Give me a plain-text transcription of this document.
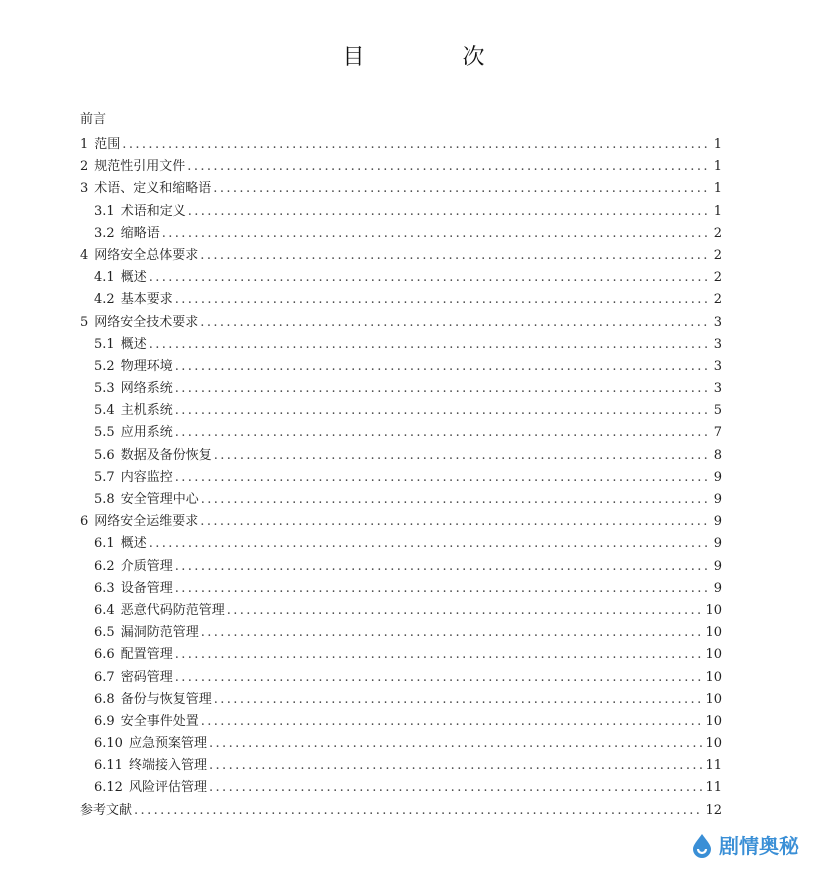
目　次
前言
1 范围 .....	1
2 规范性引用文件 .....	1
3 术语、定义和缩略语 .....	1
3.1 术语和定义 .....	1
3.2 缩略语 .....	2
4 网络安全总体要求 .....	2
4.1 概述 .....	2
4.2 基本要求 .....	2
5 网络安全技术要求 .....	3
5.1 概述 .....	3
5.2 物理环境 .....	3
5.3 网络系统 .....	3
5.4 主机系统 .....	5
5.5 应用系统 .....	7
5.6 数据及备份恢复 .....	8
5.7 内容监控 .....	9
5.8 安全管理中心 .....	9
6 网络安全运维要求 .....	9
6.1 概述 .....	9
6.2 介质管理 .....	9
6.3 设备管理 .....	9
6.4 恶意代码防范管理 .....	10
6.5 漏洞防范管理 .....	10
6.6 配置管理 .....	10
6.7 密码管理 .....	10
6.8 备份与恢复管理 .....	10
6.9 安全事件处置 .....	10
6.10 应急预案管理 .....	10
6.11 终端接入管理 .....	11
6.12 风险评估管理 .....	11
参考文献 .....	12
剧情奥秘
